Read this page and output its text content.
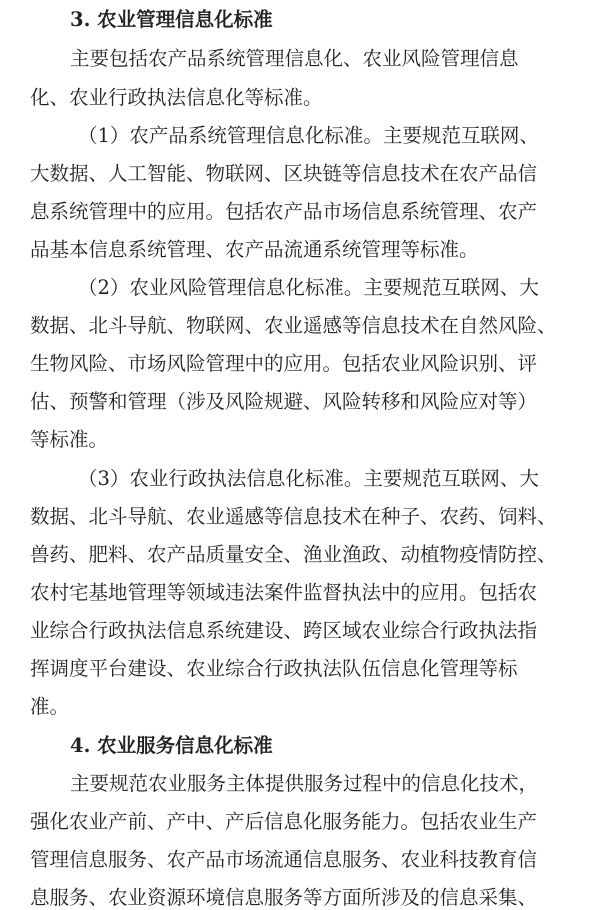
3. 农业管理信息化标准

主要包括农产品系统管理信息化、农业风险管理信息

化、农业行政执法信息化等标准。

（1）农产品系统管理信息化标准。主要规范互联网、

大数据、人工智能、物联网、区块链等信息技术在农产品信

息系统管理中的应用。包括农产品市场信息系统管理、农产

品基本信息系统管理、农产品流通系统管理等标准。

（2）农业风险管理信息化标准。主要规范互联网、大

数据、北斗导航、物联网、农业遥感等信息技术在自然风险、

生物风险、市场风险管理中的应用。包括农业风险识别、评

估、预警和管理（涉及风险规避、风险转移和风险应对等）

等标准。

（3）农业行政执法信息化标准。主要规范互联网、大

数据、北斗导航、农业遥感等信息技术在种子、农药、饲料、

兽药、肥料、农产品质量安全、渔业渔政、动植物疫情防控、

农村宅基地管理等领域违法案件监督执法中的应用。包括农

业综合行政执法信息系统建设、跨区域农业综合行政执法指

挥调度平台建设、农业综合行政执法队伍信息化管理等标

准。

4. 农业服务信息化标准

主要规范农业服务主体提供服务过程中的信息化技术，

强化农业产前、产中、产后信息化服务能力。包括农业生产

管理信息服务、农产品市场流通信息服务、农业科技教育信

息服务、农业资源环境信息服务等方面所涉及的信息采集、
